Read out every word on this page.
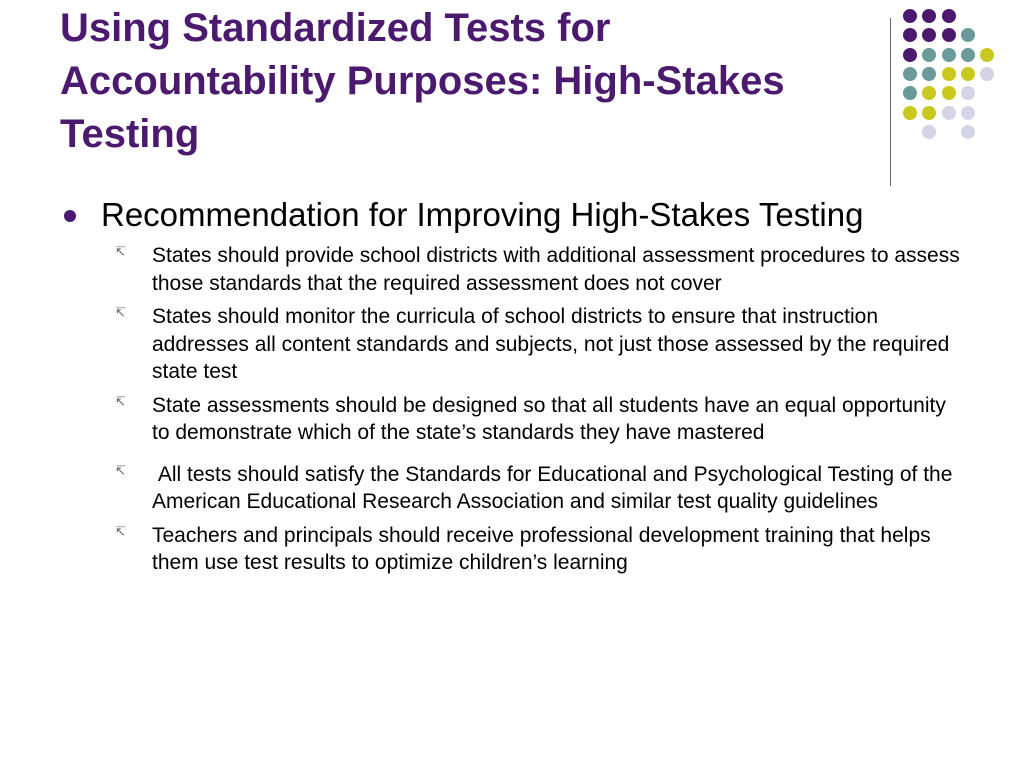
Using Standardized Tests for Accountability Purposes: High-Stakes Testing
Recommendation for Improving High-Stakes Testing
↸ States should provide school districts with additional assessment procedures to assess those standards that the required assessment does not cover
↸ States should monitor the curricula of school districts to ensure that instruction addresses all content standards and subjects, not just those assessed by the required state test
↸ State assessments should be designed so that all students have an equal opportunity to demonstrate which of the state’s standards they have mastered
↸ All tests should satisfy the Standards for Educational and Psychological Testing of the American Educational Research Association and similar test quality guidelines
↸ Teachers and principals should receive professional development training that helps them use test results to optimize children’s learning
